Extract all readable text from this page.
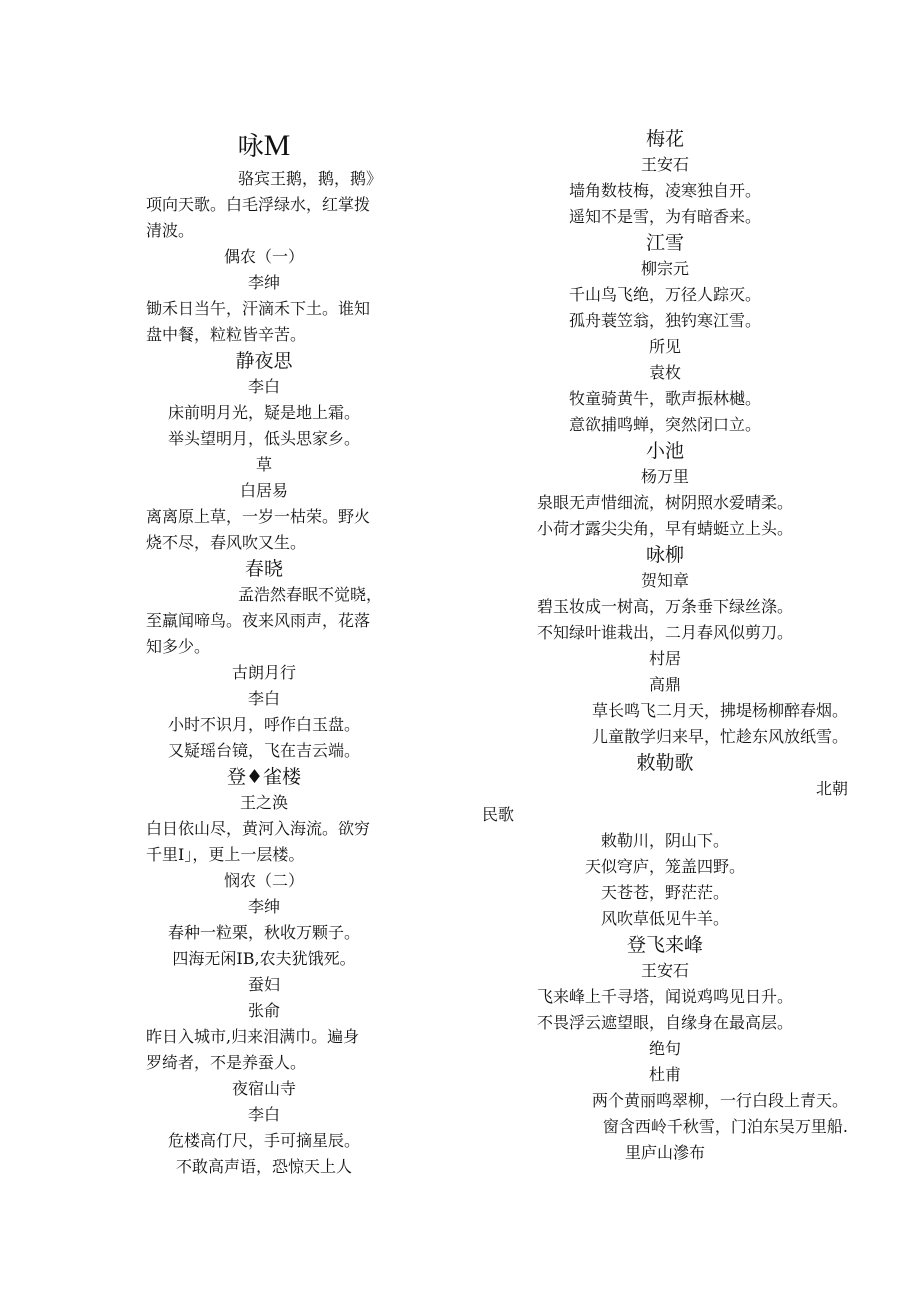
咏M
骆宾王鹅，鹅，鹅》
项向天歌。白毛浮绿水，红掌拨
清波。
偶农（一）
李绅
锄禾日当午，汗滴禾下土。谁知
盘中餐，粒粒皆辛苦。
静夜思
李白
床前明月光，疑是地上霜。
举头望明月，低头思家乡。
草
白居易
离离原上草，一岁一枯荣。野火
烧不尽，春风吹又生。
春晓
孟浩然春眠不觉晓，
至羸闻啼鸟。夜来风雨声，花落
知多少。
古朗月行
李白
小时不识月，呼作白玉盘。
又疑瑶台镜，飞在吉云端。
登♦雀楼
王之涣
白日依山尽，黄河入海流。欲穷
千里I」，更上一层楼。
悯农（二）
李绅
春种一粒栗，秋收万颗子。
四海无闲IB,农夫犹饿死。
蚕妇
张俞
昨日入城市,归来泪满巾。遍身
罗绮者，不是养蚕人。
夜宿山寺
李白
危楼高仃尺，手可摘星辰。
不敢高声语，恐惊天上人
梅花
王安石
墙角数枝梅，凌寒独自开。
遥知不是雪，为有暗香来。
江雪
柳宗元
千山鸟飞绝，万径人踪灭。
孤舟蓑笠翁，独钓寒江雪。
所见
袁枚
牧童骑黄牛，歌声振林樾。
意欲捕鸣蝉，突然闭口立。
小池
杨万里
泉眼无声惜细流，树阴照水爱晴柔。
小荷才露尖尖角，早有蜻蜓立上头。
咏柳
贺知章
碧玉妆成一树高，万条垂下绿丝涤。
不知绿叶谁栽出，二月春风似剪刀。
村居
高鼎
草长鸣飞二月天，拂堤杨柳醉春烟。
儿童散学归来早，忙趁东风放纸雪。
敕勒歌
北朝
民歌
敕勒川，阴山下。
天似穹庐，笼盖四野。
天苍苍，野茫茫。
风吹草低见牛羊。
登飞来峰
王安石
飞来峰上千寻塔，闻说鸡鸣见日升。
不畏浮云遮望眼，自缘身在最高层。
绝句
杜甫
两个黄丽鸣翠柳，一行白段上青天。
窗含西岭千秋雪，门泊东吴万里船.
里庐山滲布
